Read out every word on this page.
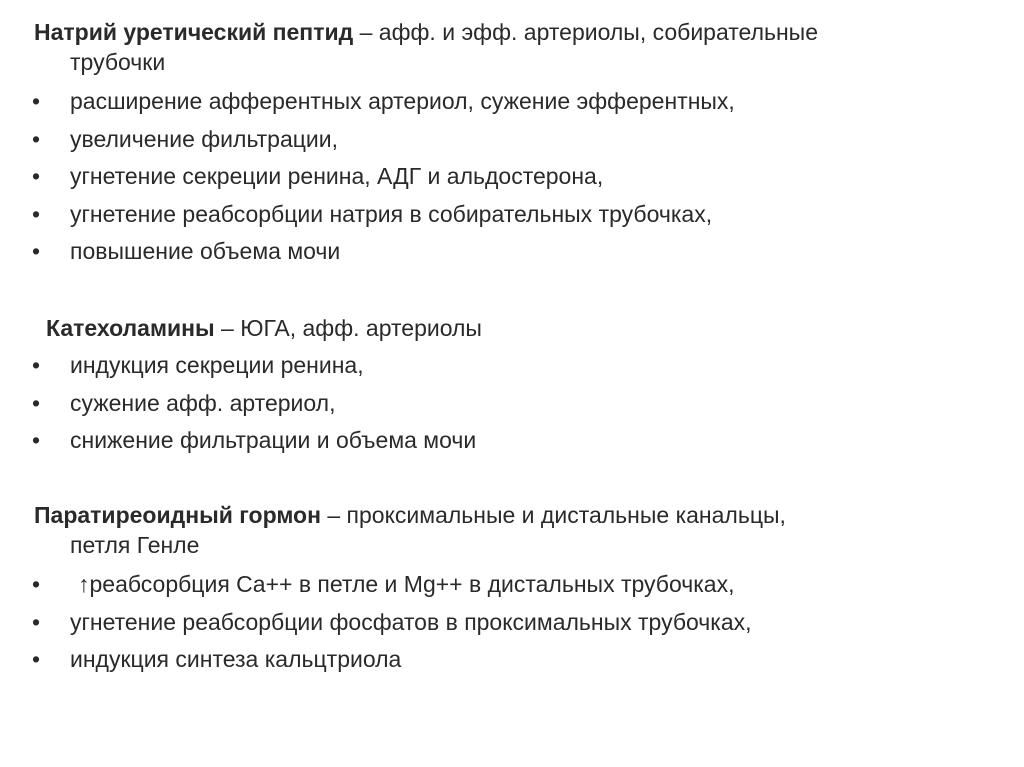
Натрий уретический пептид – афф. и эфф. артериолы, собирательные
трубочки

• расширение афферентных артериол, сужение эфферентных,
• увеличение фильтрации,
• угнетение секреции ренина, АДГ и альдостерона,
• угнетение реабсорбции натрия в собирательных трубочках,
• повышение объема мочи

Катехоламины – ЮГА, афф. артериолы

• индукция секреции ренина,
• сужение афф. артериол,
• снижение фильтрации и объема мочи

Паратиреоидный гормон – проксимальные и дистальные канальцы,
петля Генле

• ↑реабсорбция Ca++ в петле и Mg++ в дистальных трубочках,
• угнетение реабсорбции фосфатов в проксимальных трубочках,
• индукция синтеза кальцтриола
